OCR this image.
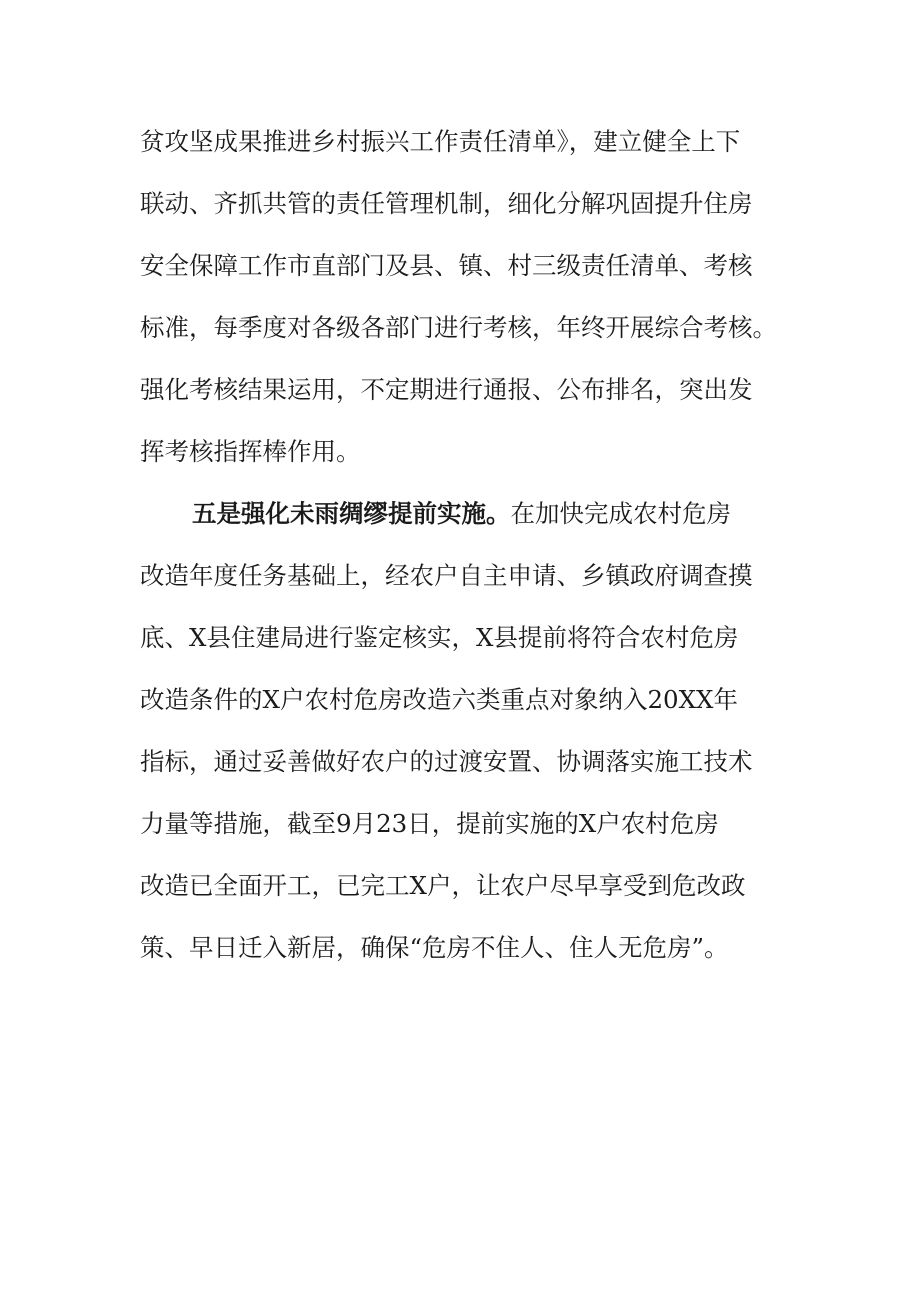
贫攻坚成果推进乡村振兴工作责任清单》，建立健全上下
联动、齐抓共管的责任管理机制，细化分解巩固提升住房
安全保障工作市直部门及县、镇、村三级责任清单、考核
标准，每季度对各级各部门进行考核，年终开展综合考核。
强化考核结果运用，不定期进行通报、公布排名，突出发
挥考核指挥棒作用。
五是强化未雨绸缪提前实施。在加快完成农村危房
改造年度任务基础上，经农户自主申请、乡镇政府调查摸
底、X县住建局进行鉴定核实，X县提前将符合农村危房
改造条件的X户农村危房改造六类重点对象纳入20XX年
指标，通过妥善做好农户的过渡安置、协调落实施工技术
力量等措施，截至9月23日，提前实施的X户农村危房
改造已全面开工，已完工X户，让农户尽早享受到危改政
策、早日迁入新居，确保“危房不住人、住人无危房”。
